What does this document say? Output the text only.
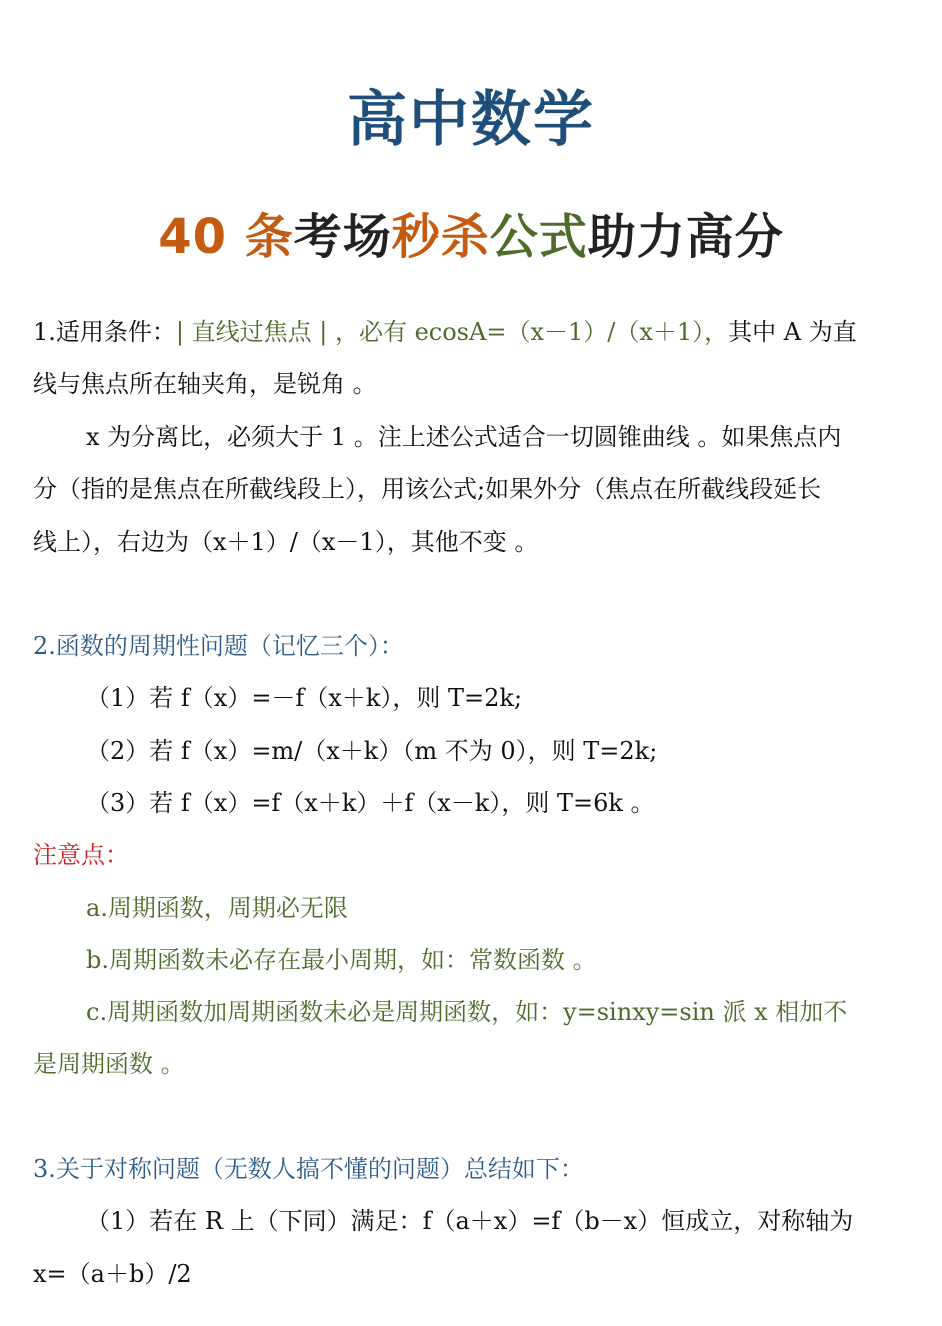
高中数学
40 条考场秒杀公式助力高分
1.适用条件：| 直线过焦点 | ，必有 ecosA=（x－1）/（x＋1），其中 A 为直
线与焦点所在轴夹角，是锐角 。
x 为分离比，必须大于 1 。注上述公式适合一切圆锥曲线 。如果焦点内
分（指的是焦点在所截线段上），用该公式;如果外分（焦点在所截线段延长
线上），右边为（x＋1）/（x－1），其他不变 。
2.函数的周期性问题（记忆三个）：
（1）若 f（x）=－f（x＋k），则 T=2k;
（2）若 f（x）=m/（x＋k）（m 不为 0），则 T=2k;
（3）若 f（x）=f（x＋k）＋f（x－k），则 T=6k 。
注意点：
a.周期函数，周期必无限
b.周期函数未必存在最小周期，如：常数函数 。
c.周期函数加周期函数未必是周期函数，如：y=sinxy=sin 派 x 相加不
是周期函数 。
3.关于对称问题（无数人搞不懂的问题）总结如下：
（1）若在 R 上（下同）满足：f（a＋x）=f（b－x）恒成立，对称轴为
x=（a＋b）/2
